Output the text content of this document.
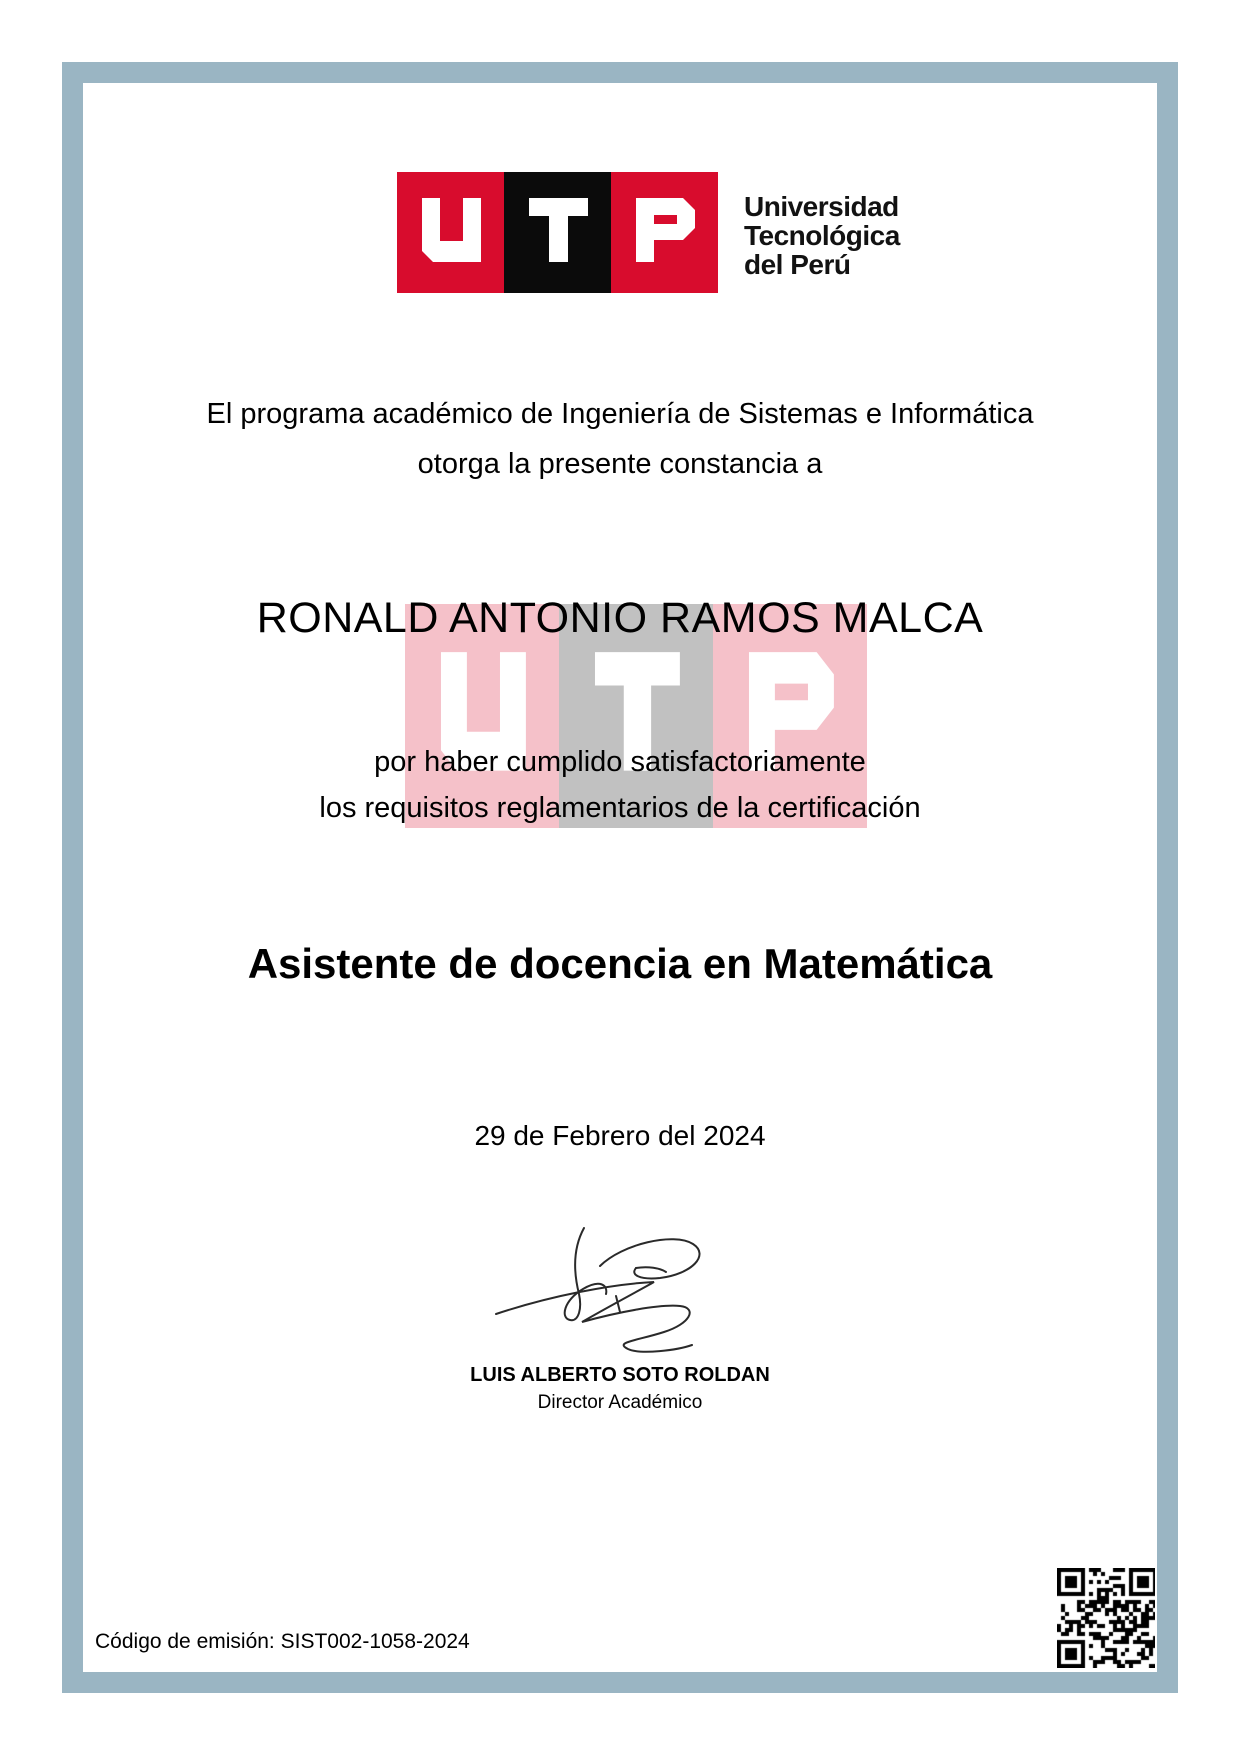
Universidad
Tecnológica
del Perú
El programa académico de Ingeniería de Sistemas e Informática
otorga la presente constancia a
RONALD ANTONIO RAMOS MALCA
por haber cumplido satisfactoriamente
los requisitos reglamentarios de la certificación
Asistente de docencia en Matemática
29 de Febrero del 2024
LUIS ALBERTO SOTO ROLDAN
Director Académico
Código de emisión: SIST002-1058-2024
